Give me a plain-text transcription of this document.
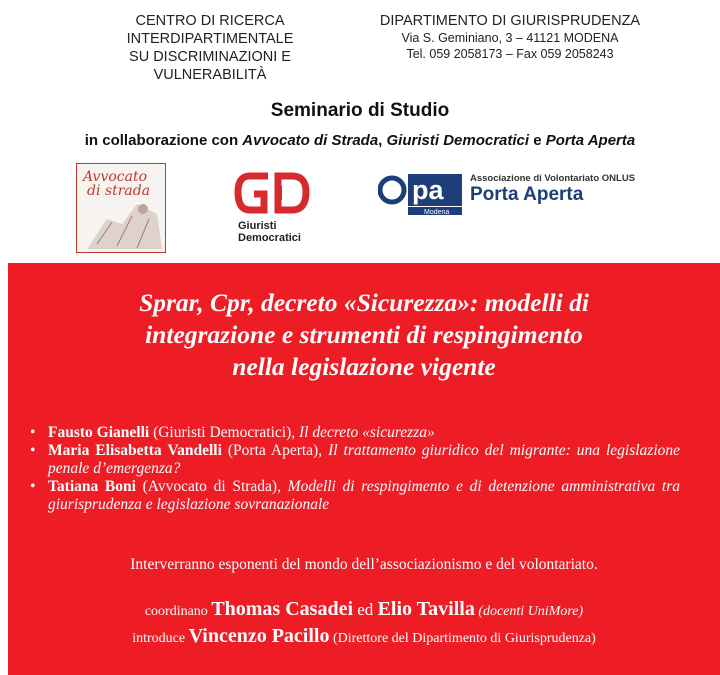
CENTRO DI RICERCA
INTERDIPARTIMENTALE
SU DISCRIMINAZIONI E
VULNERABILITÀ
DIPARTIMENTO DI GIURISPRUDENZA
Via S. Geminiano, 3 – 41121 MODENA
Tel. 059 2058173 – Fax 059 2058243
Seminario di Studio
in collaborazione con Avvocato di Strada, Giuristi Democratici e Porta Aperta
Avvocato
di strada
Giuristi
Democratici
pa
Modena
Associazione di Volontariato ONLUS
Porta Aperta
Sprar, Cpr, decreto «Sicurezza»: modelli di
integrazione e strumenti di respingimento
nella legislazione vigente
• Fausto Gianelli (Giuristi Democratici), Il decreto «sicurezza»
• Maria Elisabetta Vandelli (Porta Aperta), Il trattamento giuridico del migrante: una legislazione penale d’emergenza?
• Tatiana Boni (Avvocato di Strada), Modelli di respingimento e di detenzione amministrativa tra giurisprudenza e legislazione sovranazionale
Interverranno esponenti del mondo dell’associazionismo e del volontariato.
coordinano Thomas Casadei ed Elio Tavilla (docenti UniMore)
introduce Vincenzo Pacillo (Direttore del Dipartimento di Giurisprudenza)
